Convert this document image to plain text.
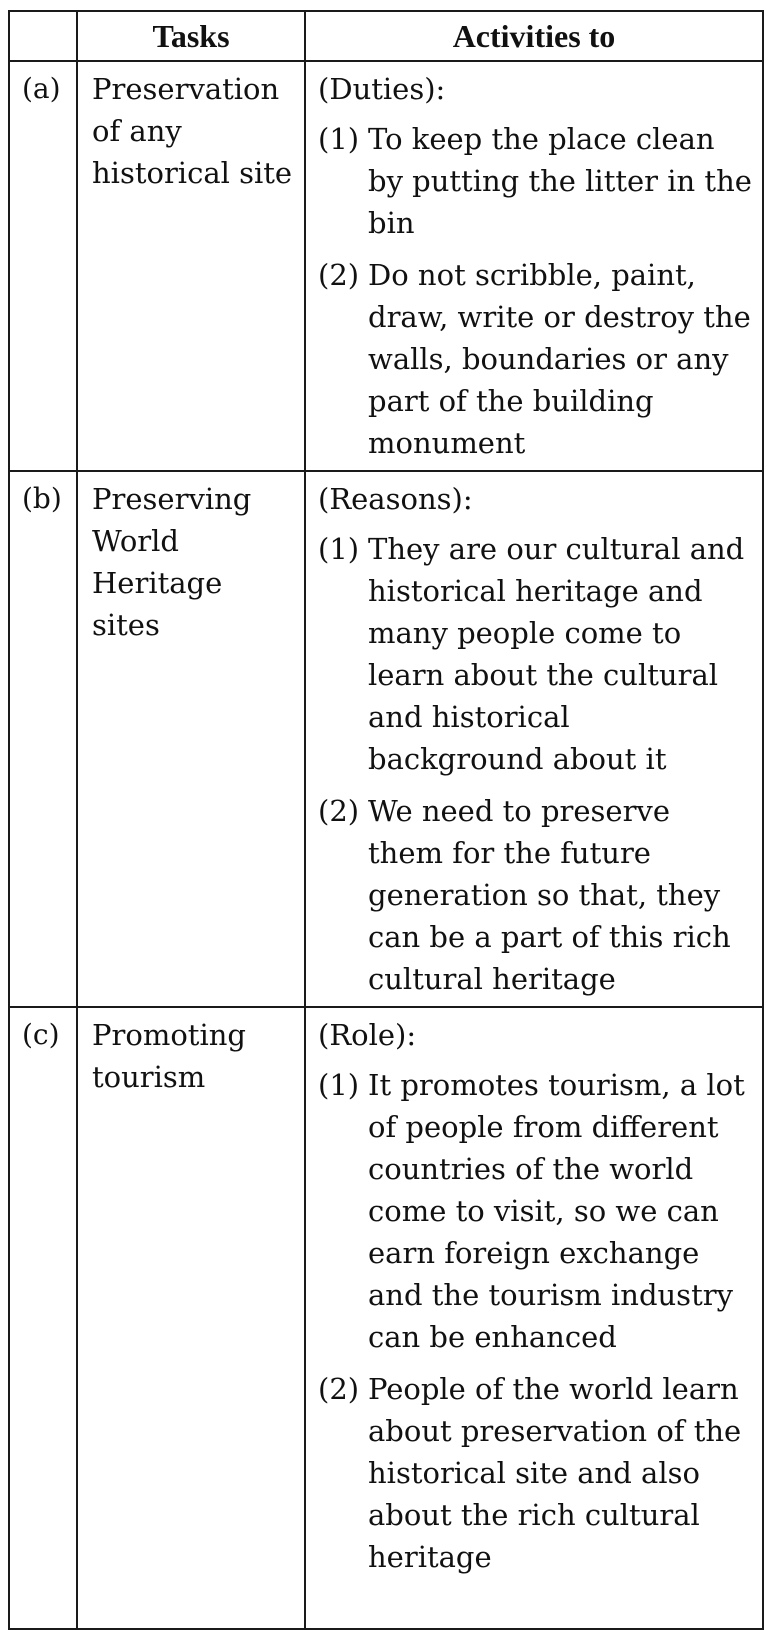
	Tasks	Activities to
(a)	Preservation of any historical site	(Duties):
(1) To keep the place clean by putting the litter in the bin
(2) Do not scribble, paint, draw, write or destroy the walls, boundaries or any part of the building monument

(b)	Preserving World Heritage sites	(Reasons):
(1) They are our cultural and historical heritage and many people come to learn about the cultural and historical background about it
(2) We need to preserve them for the future generation so that, they can be a part of this rich cultural heritage

(c)	Promoting tourism	(Role):
(1) It promotes tourism, a lot of people from different countries of the world come to visit, so we can earn foreign exchange and the tourism industry can be enhanced
(2) People of the world learn about preservation of the historical site and also about the rich cultural heritage
